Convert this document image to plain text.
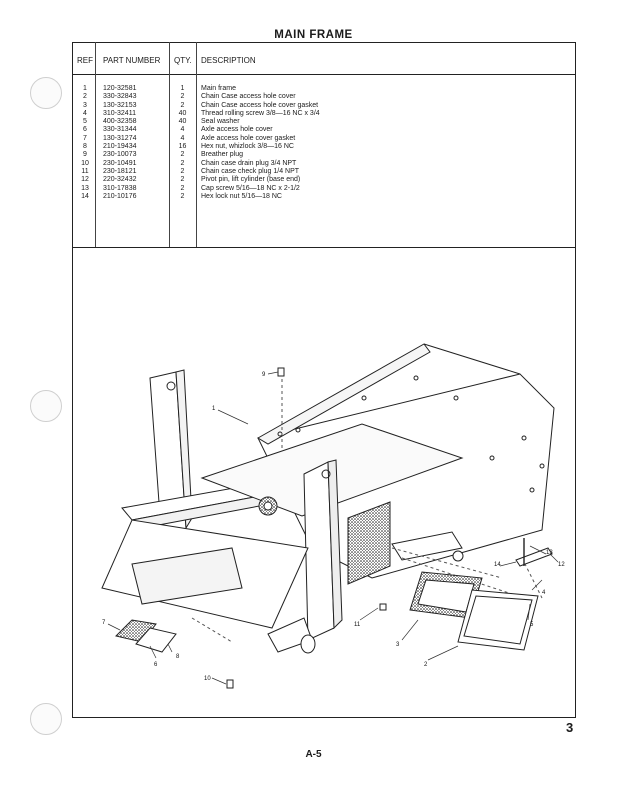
MAIN FRAME
REF PART NUMBER QTY. DESCRIPTION
1
2
3
4
5
6
7
8
9
10
11
12
13
14
120-32581
330-32843
130-32153
310-32411
400-32358
330-31344
130-31274
210-19434
230-10073
230-10491
230-18121
220-32432
310-17838
210-10176
1
2
2
40
40
4
4
16
2
2
2
2
2
2
Main frame
Chain Case access hole cover
Chain Case access hole cover gasket
Thread rolling screw 3/8—16 NC x 3/4
Seal washer
Axle access hole cover
Axle access hole cover gasket
Hex nut, whizlock 3/8—16 NC
Breather plug
Chain case drain plug 3/4 NPT
Chain case check plug 1/4 NPT
Pivot pin, lift cylinder (base end)
Cap screw 5/16—18 NC x 2-1/2
Hex lock nut 5/16—18 NC
1
2
3
4
5
6
7
8
9
10
11
12
13
14
3
A-5
